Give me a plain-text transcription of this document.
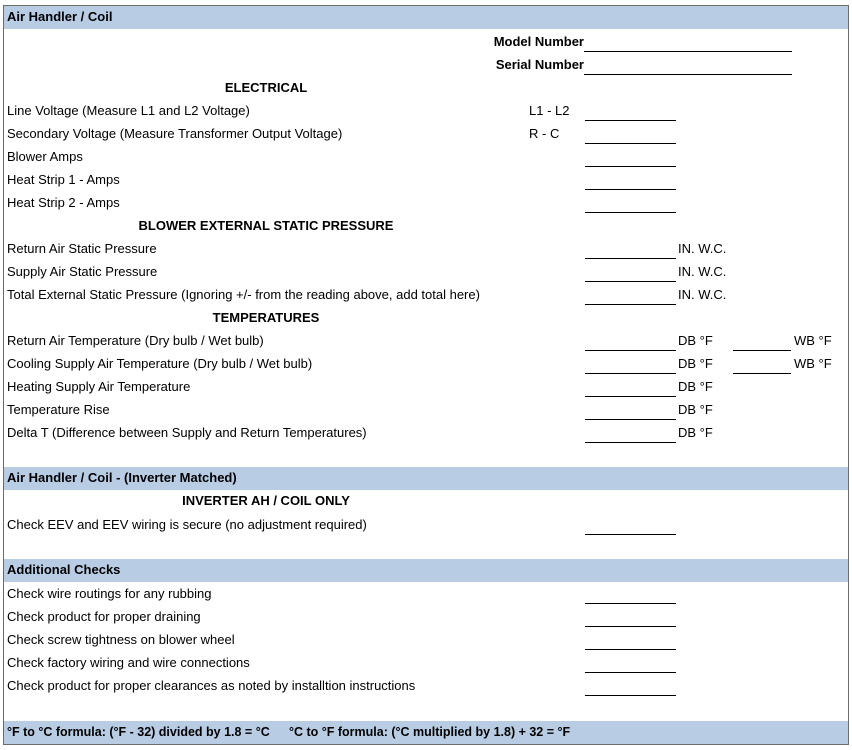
Air Handler / Coil
Model Number
Serial Number
ELECTRICAL
Line Voltage (Measure L1 and L2 Voltage)	L1 - L2
Secondary Voltage (Measure Transformer Output Voltage)	R - C
Blower Amps
Heat Strip 1 - Amps
Heat Strip 2 - Amps
BLOWER EXTERNAL STATIC PRESSURE
Return Air Static Pressure	IN. W.C.
Supply Air Static Pressure	IN. W.C.
Total External Static Pressure (Ignoring +/- from the reading above, add total here)	IN. W.C.
TEMPERATURES
Return Air Temperature (Dry bulb / Wet bulb)	DB °F	WB °F
Cooling Supply Air Temperature (Dry bulb / Wet bulb)	DB °F	WB °F
Heating Supply Air Temperature	DB °F
Temperature Rise	DB °F
Delta T (Difference between Supply and Return Temperatures)	DB °F
Air Handler / Coil - (Inverter Matched)
INVERTER AH / COIL ONLY
Check EEV and EEV wiring is secure (no adjustment required)
Additional Checks
Check wire routings for any rubbing
Check product for proper draining
Check screw tightness on blower wheel
Check factory wiring and wire connections
Check product for proper clearances as noted by installtion instructions
°F to °C formula: (°F - 32) divided by 1.8 = °C °C to °F formula: (°C multiplied by 1.8) + 32 = °F
